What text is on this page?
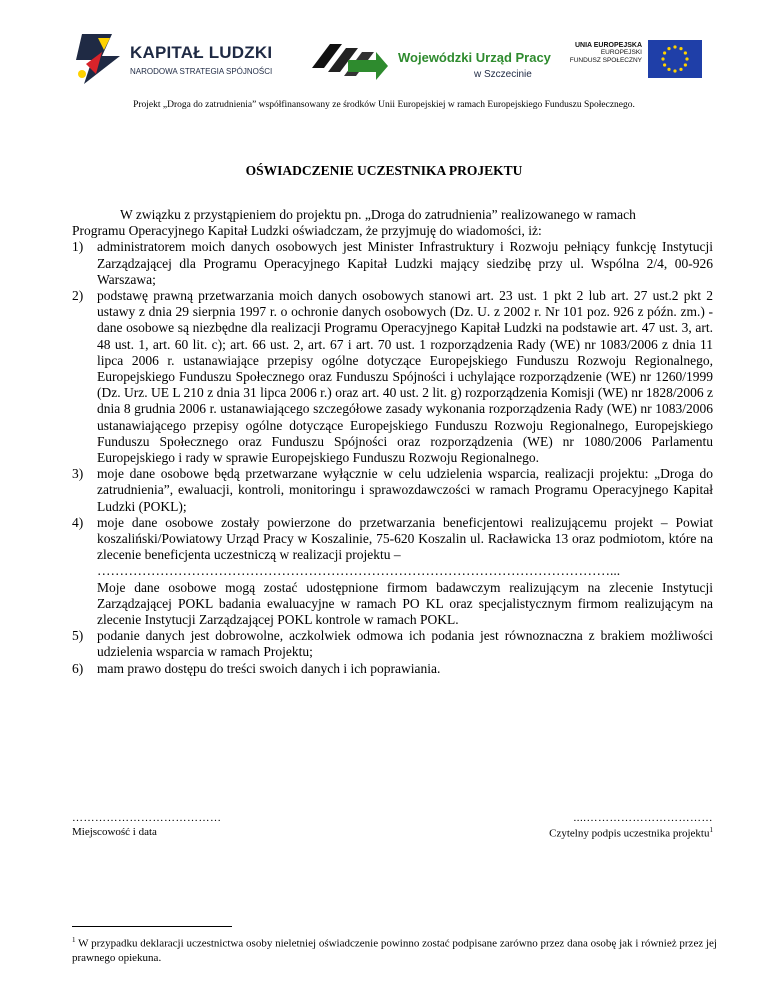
KAPITAŁ LUDZKI
NARODOWA STRATEGIA SPÓJNOŚCI
Wojewódzki Urząd Pracy
w Szczecinie
UNIA EUROPEJSKA
EUROPEJSKI
FUNDUSZ SPOŁECZNY
Projekt „Droga do zatrudnienia” współfinansowany ze środków Unii Europejskiej w ramach Europejskiego Funduszu Społecznego.
OŚWIADCZENIE UCZESTNIKA PROJEKTU

W związku z przystąpieniem do projektu pn. „Droga do zatrudnienia” realizowanego w ramach

Programu Operacyjnego Kapitał Ludzki oświadczam, że przyjmuję do wiadomości, iż:

1) administratorem moich danych osobowych jest Minister Infrastruktury i Rozwoju pełniący funkcję Instytucji Zarządzającej dla Programu Operacyjnego Kapitał Ludzki mający siedzibę przy ul. Wspólna 2/4, 00-926 Warszawa;
2) podstawę prawną przetwarzania moich danych osobowych stanowi art. 23 ust. 1 pkt 2 lub art. 27 ust.2 pkt 2 ustawy z dnia 29 sierpnia 1997 r. o ochronie danych osobowych (Dz. U. z 2002 r. Nr 101 poz. 926 z późn. zm.) - dane osobowe są niezbędne dla realizacji Programu Operacyjnego Kapitał Ludzki na podstawie art. 47 ust. 3, art. 48 ust. 1, art. 60 lit. c); art. 66 ust. 2, art. 67 i art. 70 ust. 1 rozporządzenia Rady (WE) nr 1083/2006 z dnia 11 lipca 2006 r. ustanawiające przepisy ogólne dotyczące Europejskiego Funduszu Rozwoju Regionalnego, Europejskiego Funduszu Społecznego oraz Funduszu Spójności i uchylające rozporządzenie (WE) nr 1260/1999 (Dz. Urz. UE L 210 z dnia 31 lipca 2006 r.) oraz art. 40 ust. 2 lit. g) rozporządzenia Komisji (WE) nr 1828/2006 z dnia 8 grudnia 2006 r. ustanawiającego szczegółowe zasady wykonania rozporządzenia Rady (WE) nr 1083/2006 ustanawiającego przepisy ogólne dotyczące Europejskiego Funduszu Rozwoju Regionalnego, Europejskiego Funduszu Społecznego oraz Funduszu Spójności oraz rozporządzenia (WE) nr 1080/2006 Parlamentu Europejskiego i rady w sprawie Europejskiego Funduszu Rozwoju Regionalnego.
3) moje dane osobowe będą przetwarzane wyłącznie w celu udzielenia wsparcia, realizacji projektu: „Droga do zatrudnienia”, ewaluacji, kontroli, monitoringu i sprawozdawczości w ramach Programu Operacyjnego Kapitał Ludzki (POKL);
4) moje dane osobowe zostały powierzone do przetwarzania beneficjentowi realizującemu projekt – Powiat koszaliński/Powiatowy Urząd Pracy w Koszalinie, 75-620 Koszalin ul. Racławicka 13 oraz podmiotom, które na zlecenie beneficjenta uczestniczą w realizacji projektu –
……………………………………………………………………………………………………...
Moje dane osobowe mogą zostać udostępnione firmom badawczym realizującym na zlecenie Instytucji Zarządzającej POKL badania ewaluacyjne w ramach PO KL oraz specjalistycznym firmom realizującym na zlecenie Instytucji Zarządzającej POKL kontrole w ramach POKL.
5) podanie danych jest dobrowolne, aczkolwiek odmowa ich podania jest równoznaczna z brakiem możliwości udzielenia wsparcia w ramach Projektu;
6) mam prawo dostępu do treści swoich danych i ich poprawiania.
…………………………………
Miejscowość i data
....……………………………
Czytelny podpis uczestnika projektu$^1$
$^1$ W przypadku deklaracji uczestnictwa osoby nieletniej oświadczenie powinno zostać podpisane zarówno przez dana osobę jak i również przez jej prawnego opiekuna.
